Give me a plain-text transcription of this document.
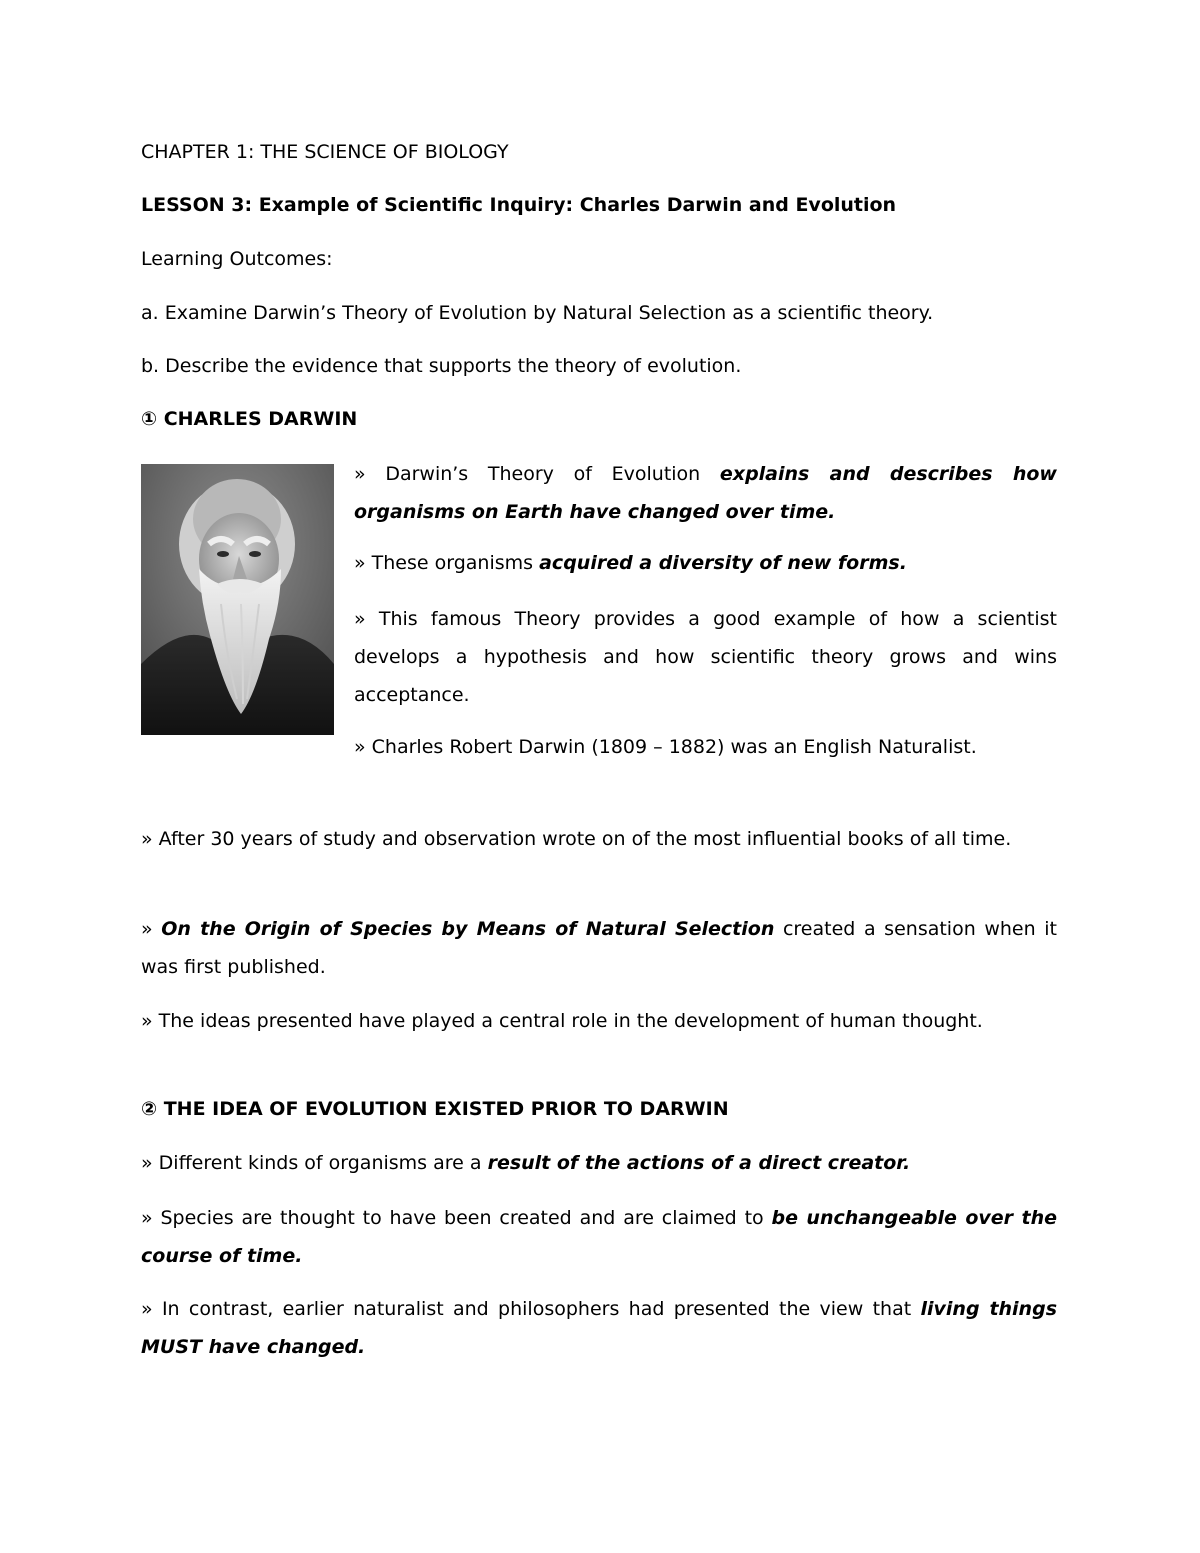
CHAPTER 1: THE SCIENCE OF BIOLOGY
LESSON 3: Example of Scientific Inquiry: Charles Darwin and Evolution
Learning Outcomes:
a. Examine Darwin’s Theory of Evolution by Natural Selection as a scientific theory.
b. Describe the evidence that supports the theory of evolution.
① CHARLES DARWIN
» Darwin’s Theory of Evolution explains and describes how organisms on Earth have changed over time.
» These organisms acquired a diversity of new forms.
» This famous Theory provides a good example of how a scientist develops a hypothesis and how scientific theory grows and wins acceptance.
» Charles Robert Darwin (1809 – 1882) was an English Naturalist.
» After 30 years of study and observation wrote on of the most influential books of all time.
» On the Origin of Species by Means of Natural Selection created a sensation when it was first published.
» The ideas presented have played a central role in the development of human thought.
② THE IDEA OF EVOLUTION EXISTED PRIOR TO DARWIN
» Different kinds of organisms are a result of the actions of a direct creator.
» Species are thought to have been created and are claimed to be unchangeable over the course of time.
» In contrast, earlier naturalist and philosophers had presented the view that living things MUST have changed.
